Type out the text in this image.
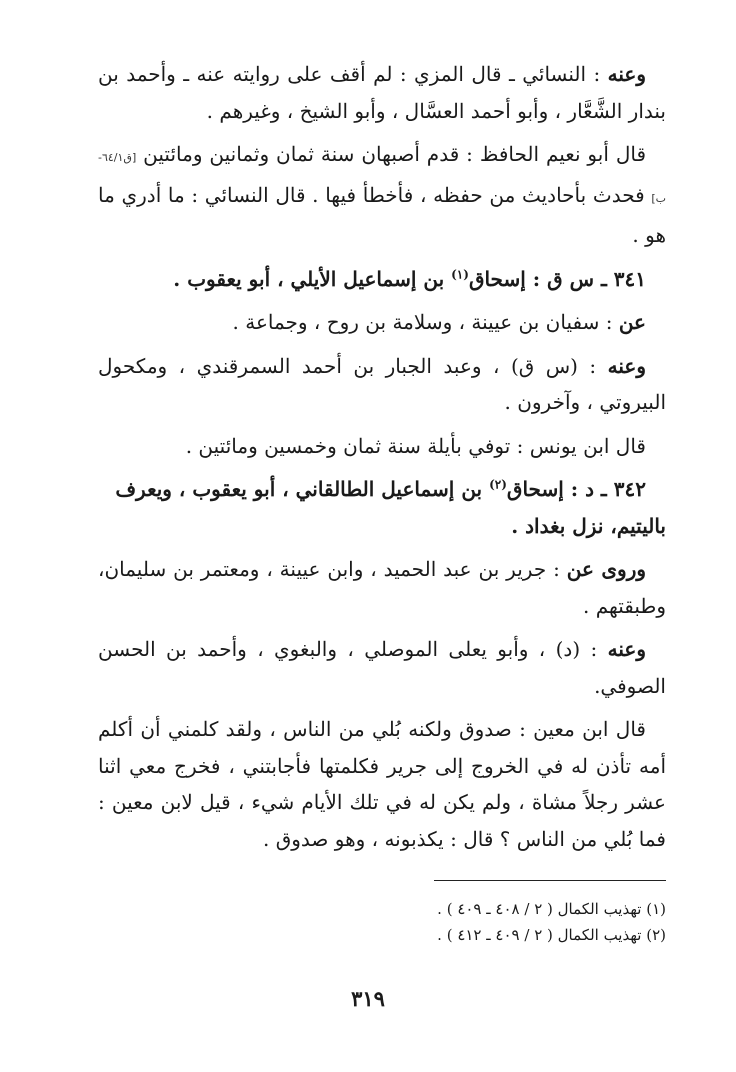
وعنه : النسائي ـ قال المزي : لم أقف على روايته عنه ـ وأحمد بن بندار الشَّعَّار ، وأبو أحمد العسَّال ، وأبو الشيخ ، وغيرهم .

قال أبو نعيم الحافظ : قدم أصبهان سنة ثمان وثمانين ومائتين [ق٦٤/١-ب] فحدث بأحاديث من حفظه ، فأخطأ فيها . قال النسائي : ما أدري ما هو .

٣٤١ ـ س ق : إسحاق$^{(١)}$ بن إسماعيل الأيلي ، أبو يعقوب .

عن : سفيان بن عيينة ، وسلامة بن روح ، وجماعة .

وعنه : (س ق) ، وعبد الجبار بن أحمد السمرقندي ، ومكحول البيروتي ، وآخرون .

قال ابن يونس : توفي بأيلة سنة ثمان وخمسين ومائتين .

٣٤٢ ـ د : إسحاق$^{(٢)}$ بن إسماعيل الطالقاني ، أبو يعقوب ، ويعرف باليتيم، نزل بغداد .

وروى عن : جرير بن عبد الحميد ، وابن عيينة ، ومعتمر بن سليمان، وطبقتهم .

وعنه : (د) ، وأبو يعلى الموصلي ، والبغوي ، وأحمد بن الحسن الصوفي.

قال ابن معين : صدوق ولكنه بُلي من الناس ، ولقد كلمني أن أكلم أمه تأذن له في الخروج إلى جرير فكلمتها فأجابتني ، فخرج معي اثنا عشر رجلاً مشاة ، ولم يكن له في تلك الأيام شيء ، قيل لابن معين : فما بُلي من الناس ؟ قال : يكذبونه ، وهو صدوق .

(١) تهذيب الكمال ( ٢ / ٤٠٨ ـ ٤٠٩ ) .

(٢) تهذيب الكمال ( ٢ / ٤٠٩ ـ ٤١٢ ) .

٣١٩
